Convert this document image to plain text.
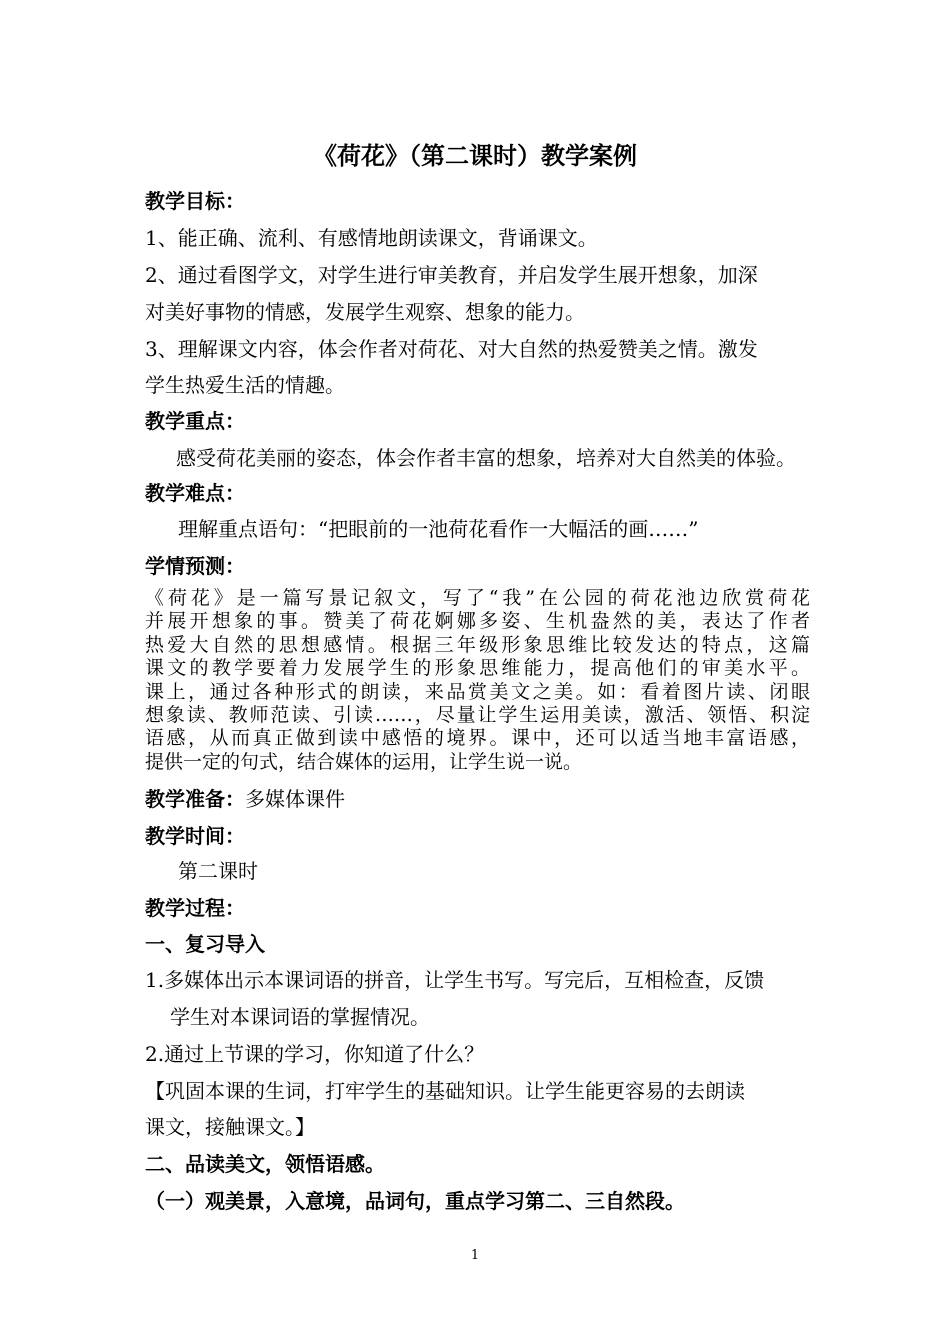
《荷花》（第二课时）教学案例
教学目标：
1、能正确、流利、有感情地朗读课文，背诵课文。
2、通过看图学文，对学生进行审美教育，并启发学生展开想象，加深
对美好事物的情感，发展学生观察、想象的能力。
3、理解课文内容，体会作者对荷花、对大自然的热爱赞美之情。激发
学生热爱生活的情趣。
教学重点：
感受荷花美丽的姿态，体会作者丰富的想象，培养对大自然美的体验。
教学难点：
理解重点语句：“把眼前的一池荷花看作一大幅活的画……”
学情预测：
《荷花》是一篇写景记叙文，写了“我”在公园的荷花池边欣赏荷花
并展开想象的事。赞美了荷花婀娜多姿、生机盎然的美，表达了作者
热爱大自然的思想感情。根据三年级形象思维比较发达的特点，这篇
课文的教学要着力发展学生的形象思维能力，提高他们的审美水平。
课上，通过各种形式的朗读，来品赏美文之美。如：看着图片读、闭眼
想象读、教师范读、引读……，尽量让学生运用美读，激活、领悟、积淀
语感，从而真正做到读中感悟的境界。课中，还可以适当地丰富语感，
提供一定的句式，结合媒体的运用，让学生说一说。
教学准备：多媒体课件
教学时间：
第二课时
教学过程：
一、复习导入
1.多媒体出示本课词语的拼音，让学生书写。写完后，互相检查，反馈
学生对本课词语的掌握情况。
2.通过上节课的学习，你知道了什么？
【巩固本课的生词，打牢学生的基础知识。让学生能更容易的去朗读
课文，接触课文。】
二、品读美文，领悟语感。
（一）观美景，入意境，品词句，重点学习第二、三自然段。
1
